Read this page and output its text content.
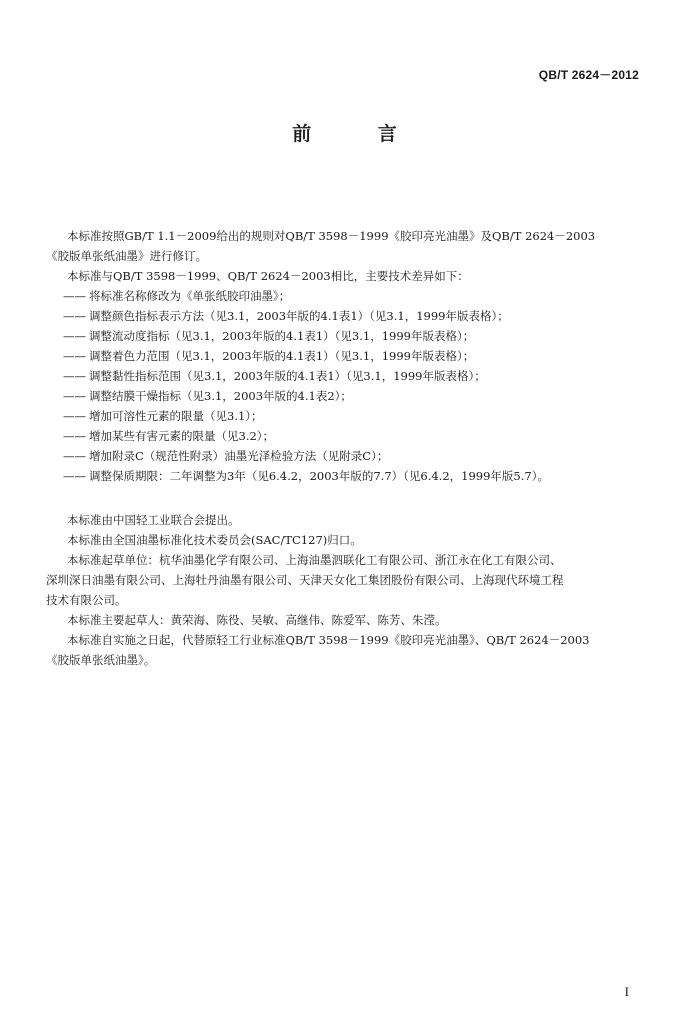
QB/T 2624－2012
前 言
本标准按照GB/T 1.1－2009给出的规则对QB/T 3598－1999《胶印亮光油墨》及QB/T 2624－2003
《胶版单张纸油墨》进行修订。
本标准与QB/T 3598－1999、QB/T 2624－2003相比，主要技术差异如下：
—— 将标准名称修改为《单张纸胶印油墨》；
—— 调整颜色指标表示方法（见3.1，2003年版的4.1表1）（见3.1，1999年版表格）；
—— 调整流动度指标（见3.1，2003年版的4.1表1）（见3.1，1999年版表格）；
—— 调整着色力范围（见3.1，2003年版的4.1表1）（见3.1，1999年版表格）；
—— 调整黏性指标范围（见3.1，2003年版的4.1表1）（见3.1，1999年版表格）；
—— 调整结膜干燥指标（见3.1，2003年版的4.1表2）；
—— 增加可溶性元素的限量（见3.1）；
—— 增加某些有害元素的限量（见3.2）；
—— 增加附录C（规范性附录）油墨光泽检验方法（见附录C）；
—— 调整保质期限：二年调整为3年（见6.4.2，2003年版的7.7）（见6.4.2，1999年版5.7）。
本标准由中国轻工业联合会提出。
本标准由全国油墨标准化技术委员会(SAC/TC127)归口。
本标准起草单位：杭华油墨化学有限公司、上海油墨泗联化工有限公司、浙江永在化工有限公司、
深圳深日油墨有限公司、上海牡丹油墨有限公司、天津天女化工集团股份有限公司、上海现代环境工程
技术有限公司。
本标准主要起草人：黄荣海、陈役、吴敏、高继伟、陈爱军、陈芳、朱滢。
本标准自实施之日起，代替原轻工行业标准QB/T 3598－1999《胶印亮光油墨》、QB/T 2624－2003
《胶版单张纸油墨》。
I
